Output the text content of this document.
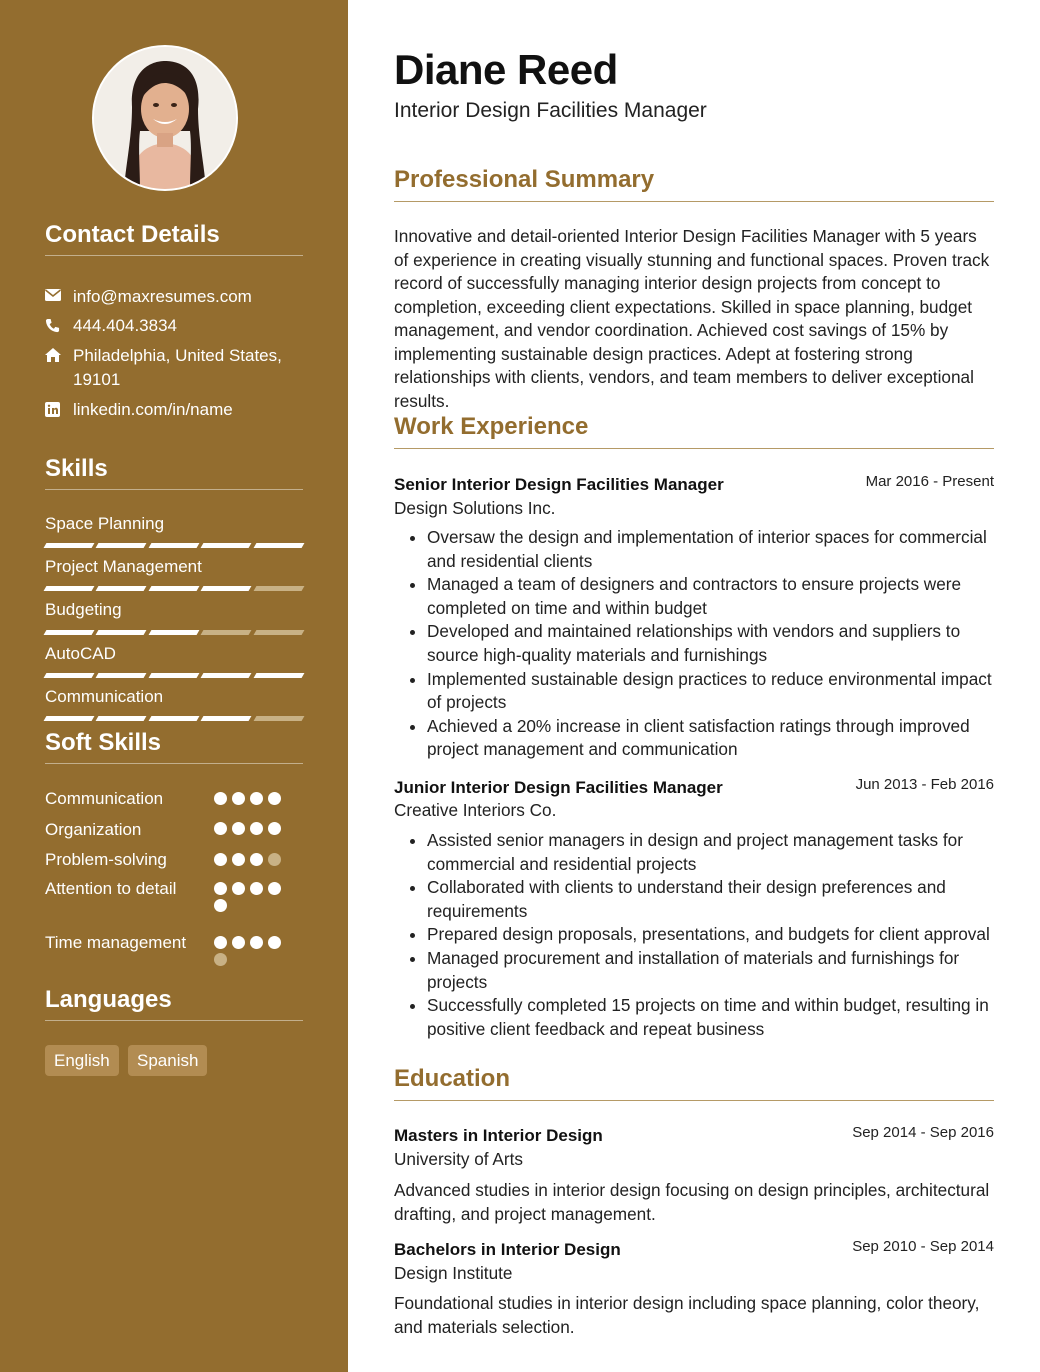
Contact Details
info@maxresumes.com
444.404.3834
Philadelphia, United States, 19101
linkedin.com/in/name
Skills
Space Planning
Project Management
Budgeting
AutoCAD
Communication
Soft Skills
Communication
Organization
Problem-solving
Attention to detail
Time management
Languages
English	Spanish
Diane Reed
Interior Design Facilities Manager
Professional Summary
Innovative and detail-oriented Interior Design Facilities Manager with 5 years of experience in creating visually stunning and functional spaces. Proven track record of successfully managing interior design projects from concept to completion, exceeding client expectations. Skilled in space planning, budget management, and vendor coordination. Achieved cost savings of 15% by implementing sustainable design practices. Adept at fostering strong relationships with clients, vendors, and team members to deliver exceptional results.
Work Experience
Senior Interior Design Facilities Manager	Mar 2016 - Present
Design Solutions Inc.
• Oversaw the design and implementation of interior spaces for commercial and residential clients
• Managed a team of designers and contractors to ensure projects were completed on time and within budget
• Developed and maintained relationships with vendors and suppliers to source high-quality materials and furnishings
• Implemented sustainable design practices to reduce environmental impact of projects
• Achieved a 20% increase in client satisfaction ratings through improved project management and communication
Junior Interior Design Facilities Manager	Jun 2013 - Feb 2016
Creative Interiors Co.
• Assisted senior managers in design and project management tasks for commercial and residential projects
• Collaborated with clients to understand their design preferences and requirements
• Prepared design proposals, presentations, and budgets for client approval
• Managed procurement and installation of materials and furnishings for projects
• Successfully completed 15 projects on time and within budget, resulting in positive client feedback and repeat business
Education
Masters in Interior Design	Sep 2014 - Sep 2016
University of Arts
Advanced studies in interior design focusing on design principles, architectural drafting, and project management.
Bachelors in Interior Design	Sep 2010 - Sep 2014
Design Institute
Foundational studies in interior design including space planning, color theory, and materials selection.
